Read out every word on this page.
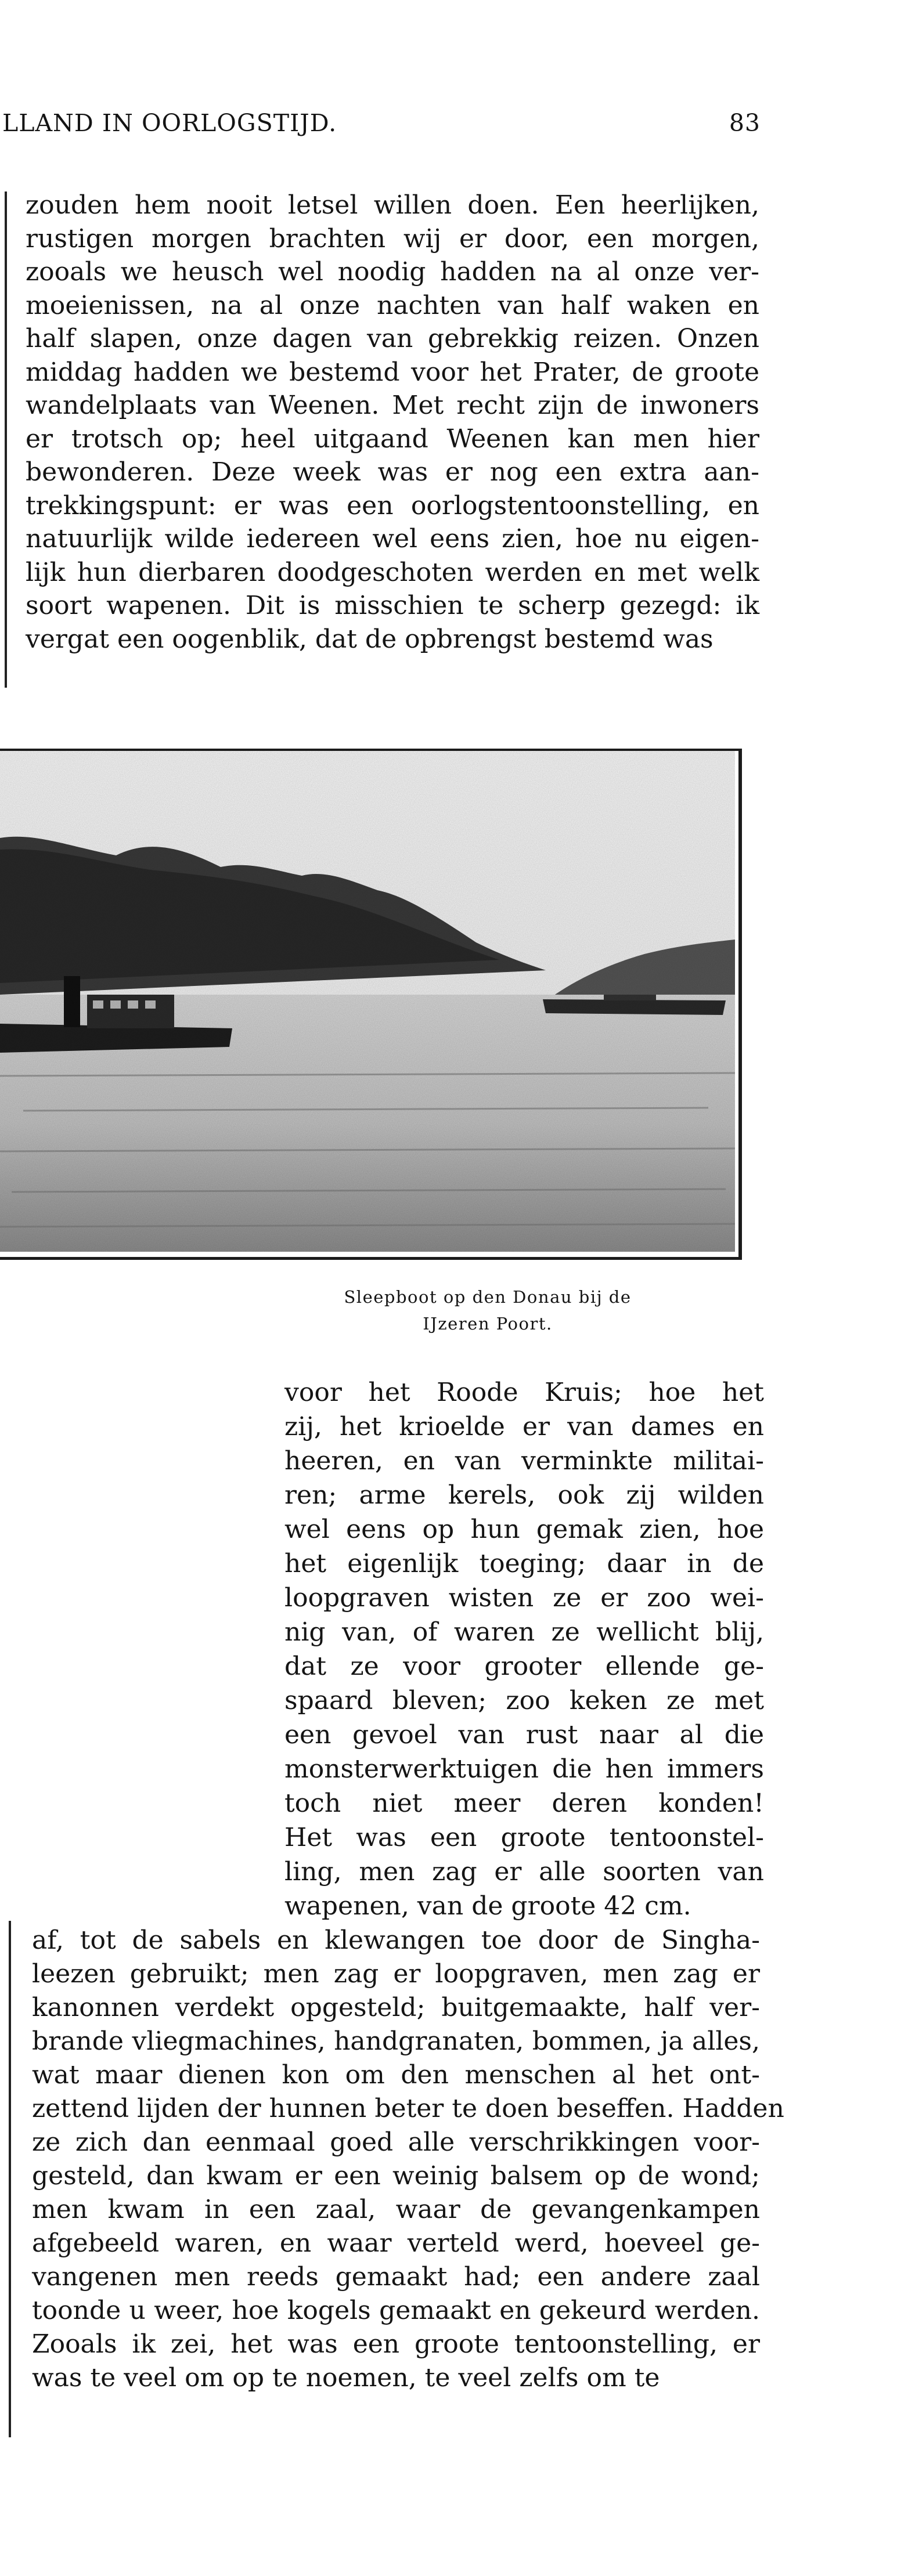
LLAND IN OORLOGSTIJD.	83
zouden hem nooit letsel willen doen. Een heerlijken,
rustigen morgen brachten wij er door, een morgen,
zooals we heusch wel noodig hadden na al onze ver-
moeienissen, na al onze nachten van half waken en
half slapen, onze dagen van gebrekkig reizen. Onzen
middag hadden we bestemd voor het Prater, de groote
wandelplaats van Weenen. Met recht zijn de inwoners
er trotsch op; heel uitgaand Weenen kan men hier
bewonderen. Deze week was er nog een extra aan-
trekkingspunt: er was een oorlogstentoonstelling, en
natuurlijk wilde iedereen wel eens zien, hoe nu eigen-
lijk hun dierbaren doodgeschoten werden en met welk
soort wapenen. Dit is misschien te scherp gezegd: ik
vergat een oogenblik, dat de opbrengst bestemd was
Sleepboot op den Donau bij de
IJzeren Poort.
voor het Roode Kruis; hoe het
zij, het krioelde er van dames en
heeren, en van verminkte militai-
ren; arme kerels, ook zij wilden
wel eens op hun gemak zien, hoe
het eigenlijk toeging; daar in de
loopgraven wisten ze er zoo wei-
nig van, of waren ze wellicht blij,
dat ze voor grooter ellende ge-
spaard bleven; zoo keken ze met
een gevoel van rust naar al die
monsterwerktuigen die hen immers
toch niet meer deren konden!
Het was een groote tentoonstel-
ling, men zag er alle soorten van
wapenen, van de groote 42 cm.
af, tot de sabels en klewangen toe door de Singha-
leezen gebruikt; men zag er loopgraven, men zag er
kanonnen verdekt opgesteld; buitgemaakte, half ver-
brande vliegmachines, handgranaten, bommen, ja alles,
wat maar dienen kon om den menschen al het ont-
zettend lijden der hunnen beter te doen beseffen. Hadden
ze zich dan eenmaal goed alle verschrikkingen voor-
gesteld, dan kwam er een weinig balsem op de wond;
men kwam in een zaal, waar de gevangenkampen
afgebeeld waren, en waar verteld werd, hoeveel ge-
vangenen men reeds gemaakt had; een andere zaal
toonde u weer, hoe kogels gemaakt en gekeurd werden.
Zooals ik zei, het was een groote tentoonstelling, er
was te veel om op te noemen, te veel zelfs om te
